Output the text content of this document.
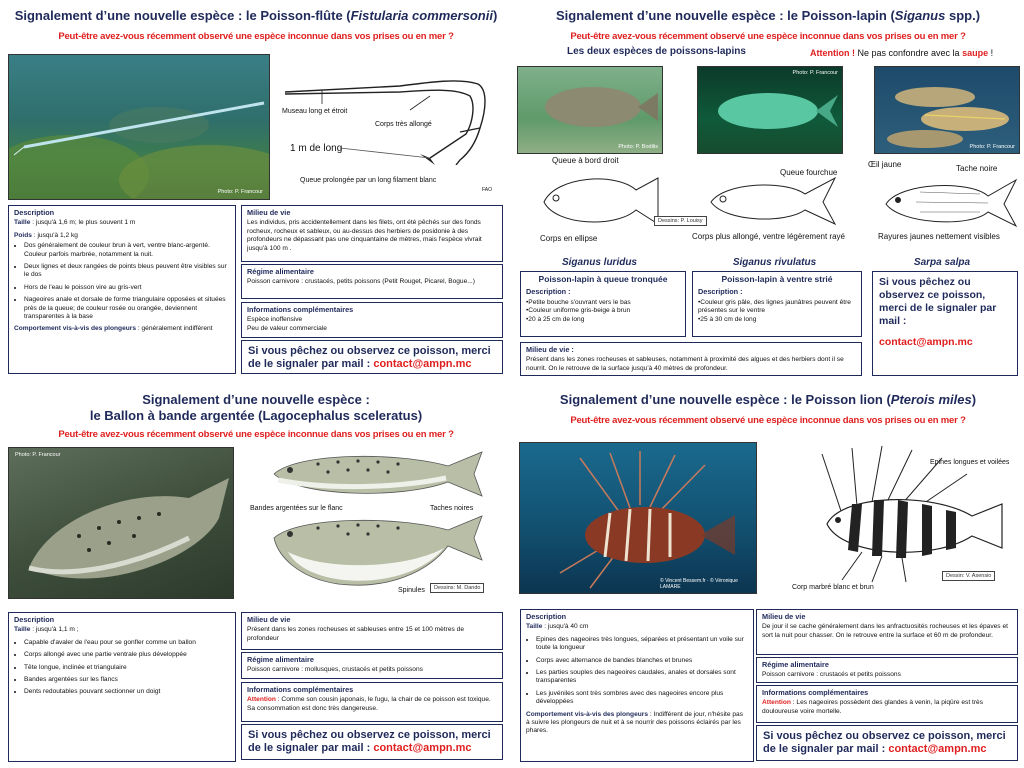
Signalement d’une nouvelle espèce : le Poisson-flûte (Fistularia commersonii)
Peut-être avez-vous récemment observé une espèce inconnue dans vos prises ou en mer ?
Photo: P. Francour
Museau long et étroit
Corps très allongé
1 m de long
Queue prolongée par un long filament blanc
FAO
Description
Taille : jusqu'à 1,6 m; le plus souvent 1 m
Poids : jusqu'à 1,2 kg
• Dos généralement de couleur brun à vert, ventre blanc-argenté. Couleur parfois marbrée, notamment la nuit.
• Deux lignes et deux rangées de points bleus peuvent être visibles sur le dos
• Hors de l'eau le poisson vire au gris-vert
• Nageoires anale et dorsale de forme triangulaire opposées et situées près de la queue; de couleur rosée ou orangée, deviennent transparentes à la base
Comportement vis-à-vis des plongeurs : généralement indifférent
Milieu de vie
Les individus, pris accidentellement dans les filets, ont été pêchés sur des fonds rocheux, rocheux et sableux, ou au-dessus des herbiers de posidonie à des profondeurs ne dépassant pas une cinquantaine de mètres, mais l'espèce vivrait jusqu'à 100 m .
Régime alimentaire
Poisson carnivore : crustacés, petits poissons (Petit Rouget, Picarel, Bogue...)
Informations complémentaires
Espèce inoffensive
Peu de valeur commerciale
Si vous pêchez ou observez ce poisson, merci de le signaler par mail : contact@ampn.mc
Signalement d’une nouvelle espèce : le Poisson-lapin (Siganus spp.)
Peut-être avez-vous récemment observé une espèce inconnue dans vos prises ou en mer ?
Les deux espèces de poissons-lapins	Attention ! Ne pas confondre avec la saupe !
Photo: P. Bodilis
Photo: P. Francour
Photo: P. Francour
Queue à bord droit
Corps en ellipse
Queue fourchue
Corps plus allongé, ventre légèrement rayé
Œil jaune	Tache noire
Rayures jaunes nettement visibles
Dessins: P. Louisy
Siganus luridus	Siganus rivulatus	Sarpa salpa
Poisson-lapin à queue tronquée
Description :
•Petite bouche s'ouvrant vers le bas
•Couleur uniforme gris-beige à brun
•20 à 25 cm de long
Poisson-lapin à ventre strié
Description :
•Couleur gris pâle, des lignes jaunâtres peuvent être présentes sur le ventre
•25 à 30 cm de long
Milieu de vie :
Présent dans les zones rocheuses et sableuses, notamment à proximité des algues et des herbiers dont il se nourrit. On le retrouve de la surface jusqu'à 40 mètres de profondeur.
Si vous pêchez ou observez ce poisson, merci de le signaler par mail :
contact@ampn.mc
Signalement d’une nouvelle espèce :
le Ballon à bande argentée (Lagocephalus sceleratus)
Peut-être avez-vous récemment observé une espèce inconnue dans vos prises ou en mer ?
Photo: P. Francour
Bandes argentées sur le flanc	Taches noires
Spinules	Dessins: M. Dando
Description
Taille : jusqu'à 1,1 m ;
• Capable d'avaler de l'eau pour se gonfler comme un ballon
• Corps allongé avec une partie ventrale plus développée
• Tête longue, inclinée et triangulaire
• Bandes argentées sur les flancs
• Dents redoutables pouvant sectionner un doigt
Milieu de vie
Présent dans les zones rocheuses et sableuses entre 15 et 100 mètres de profondeur
Régime alimentaire
Poisson carnivore : mollusques, crustacés et petits poissons
Informations complémentaires
Attention : Comme son cousin japonais, le fugu, la chair de ce poisson est toxique. Sa consommation est donc très dangereuse.
Si vous pêchez ou observez ce poisson, merci de le signaler par mail : contact@ampn.mc
Signalement d’une nouvelle espèce : le Poisson lion (Pterois miles)
Peut-être avez-vous récemment observé une espèce inconnue dans vos prises ou en mer ?
© Vincent Bessem.fr · © Véronique LAMARE
Epines longues et voilées
Corp marbré blanc et brun
Dessin: V. Asensio
Description
Taille : jusqu'à 40 cm
• Epines des nageoires très longues, séparées et présentant un voile sur toute la longueur
• Corps avec alternance de bandes blanches et brunes
• Les parties souples des nageoires caudales, anales et dorsales sont transparentes
• Les juvéniles sont très sombres avec des nageoires encore plus développées
Comportement vis-à-vis des plongeurs : Indifférent de jour, n'hésite pas à suivre les plongeurs de nuit et à se nourrir des poissons éclairés par les phares.
Milieu de vie
De jour il se cache généralement dans les anfractuosités rocheuses et les épaves et sort la nuit pour chasser. On le retrouve entre la surface et 60 m de profondeur.
Régime alimentaire
Poisson carnivore : crustacés et petits poissons
Informations complémentaires
Attention : Les nageoires possèdent des glandes à venin, la piqûre est très douloureuse voire mortelle.
Si vous pêchez ou observez ce poisson, merci de le signaler par mail : contact@ampn.mc
